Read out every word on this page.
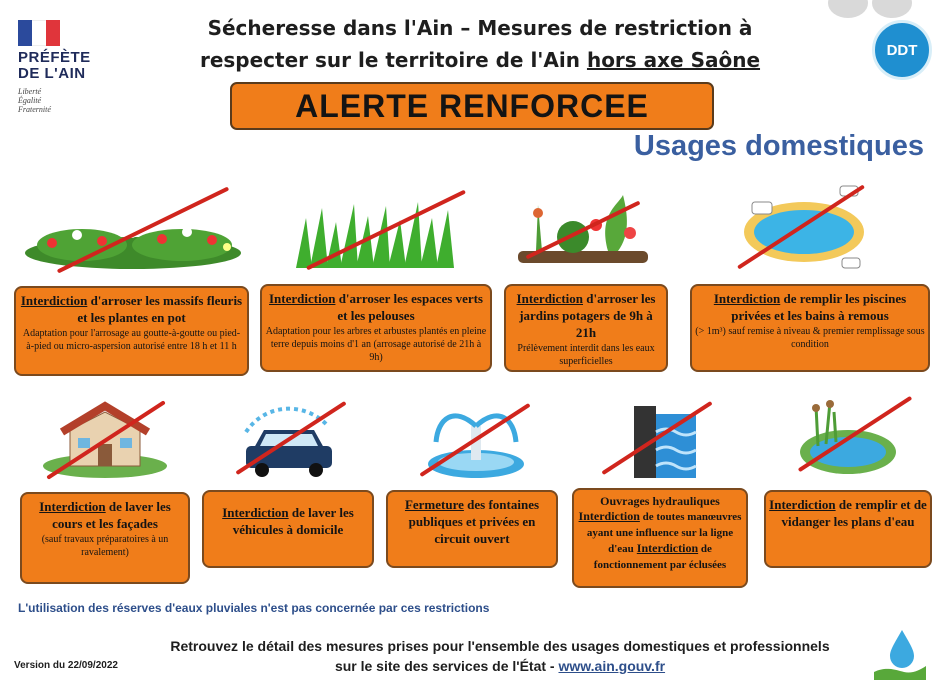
PRÉFÈTE
DE L'AIN
Liberté
Égalité
Fraternité
Sécheresse dans l'Ain – Mesures de restriction à
respecter sur le territoire de l'Ain hors axe Saône	DDT
ALERTE RENFORCEE
Usages domestiques
Interdiction d'arroser les massifs fleuris et les plantes en pot
Adaptation pour l'arrosage au goutte-à-goutte ou pied-à-pied ou micro-aspersion autorisé entre 18 h et 11 h
Interdiction d'arroser les espaces verts et les pelouses
Adaptation pour les arbres et arbustes plantés en pleine terre depuis moins d'1 an (arrosage autorisé de 21h à 9h)
Interdiction d'arroser les jardins potagers de 9h à 21h
Prélèvement interdit dans les eaux superficielles
Interdiction de remplir les piscines privées et les bains à remous
(> 1m³) sauf remise à niveau & premier remplissage sous condition
Interdiction de laver les cours et les façades
(sauf travaux préparatoires à un ravalement)
Interdiction de laver les véhicules à domicile
Fermeture des fontaines publiques et privées en circuit ouvert
Ouvrages hydrauliques Interdiction de toutes manœuvres ayant une influence sur la ligne d'eau Interdiction de fonctionnement par éclusées
Interdiction de remplir et de vidanger les plans d'eau
L'utilisation des réserves d'eaux pluviales n'est pas concernée par ces restrictions
Retrouvez le détail des mesures prises pour l'ensemble des usages domestiques et professionnels
sur le site des services de l'État - www.ain.gouv.fr
Version du 22/09/2022
